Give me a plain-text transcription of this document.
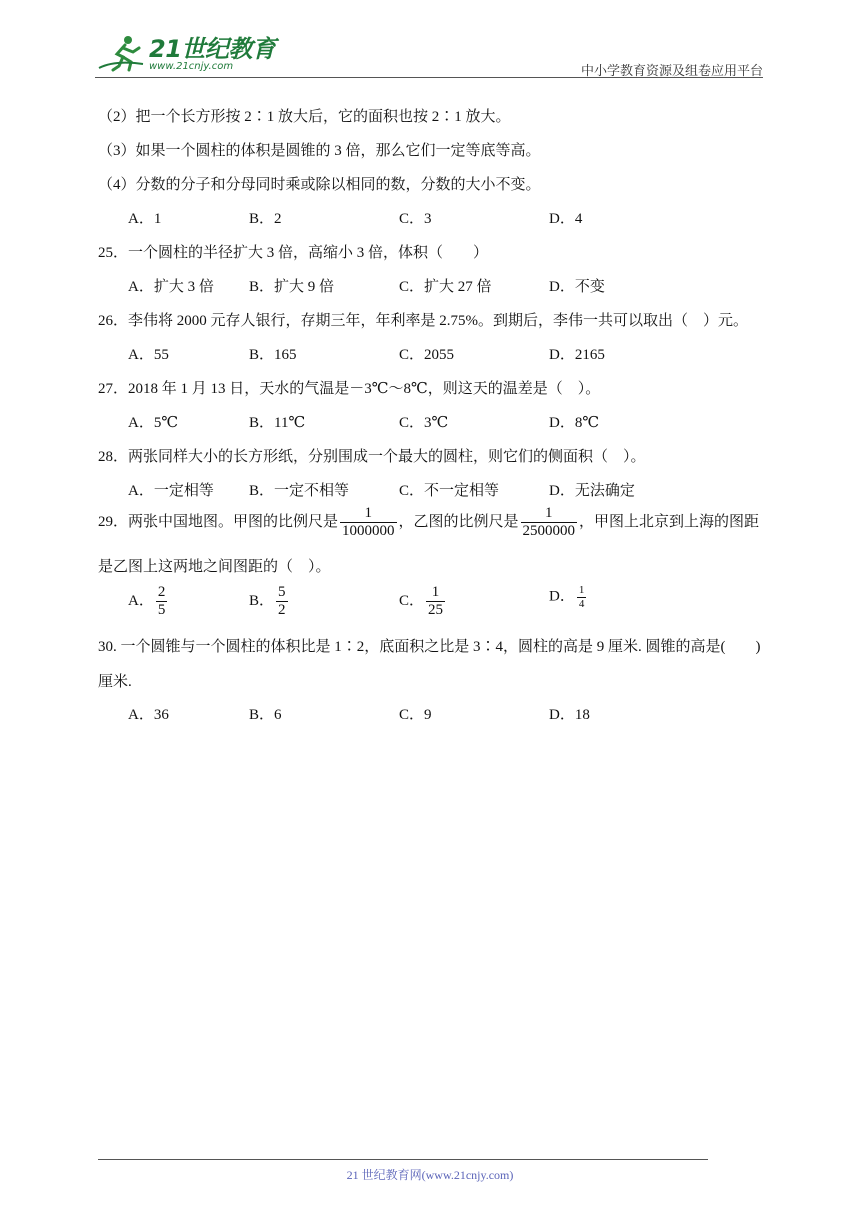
21世纪教育
www.21cnjy.com	中小学教育资源及组卷应用平台
（2）把一个长方形按 2∶1 放大后，它的面积也按 2∶1 放大。
（3）如果一个圆柱的体积是圆锥的 3 倍，那么它们一定等底等高。
（4）分数的分子和分母同时乘或除以相同的数，分数的大小不变。
A．1	B．2	C．3	D．4
25．一个圆柱的半径扩大 3 倍，高缩小 3 倍，体积（　　）
A．扩大 3 倍 B．扩大 9 倍	C．扩大 27 倍	D．不变
26．李伟将 2000 元存人银行，存期三年，年利率是 2.75%。到期后，李伟一共可以取出（　）元。
A．55	B．165	C．2055	D．2165
27．2018 年 1 月 13 日，天水的气温是－3℃～8℃，则这天的温差是（　）。
A．5℃	B．11℃	C．3℃	D．8℃
28．两张同样大小的长方形纸，分别围成一个最大的圆柱，则它们的侧面积（　）。
A．一定相等 B．一定不相等	C．不一定相等	D．无法确定
29．两张中国地图。甲图的比例尺是 $\frac{1}{1000000}$ ，乙图的比例尺是 $\frac{1}{2500000}$ ，甲图上北京到上海的图距
是乙图上这两地之间图距的（　）。
A． $\frac{2}{5}$	B． $\frac{5}{2}$	C． $\frac{1}{25}$	D． $\frac{1}{4}$
30. 一个圆锥与一个圆柱的体积比是 1∶2，底面积之比是 3∶4，圆柱的高是 9 厘米. 圆锥的高是(　　)
厘米.
A．36	B．6	C．9	D．18
21 世纪教育网(www.21cnjy.com)
